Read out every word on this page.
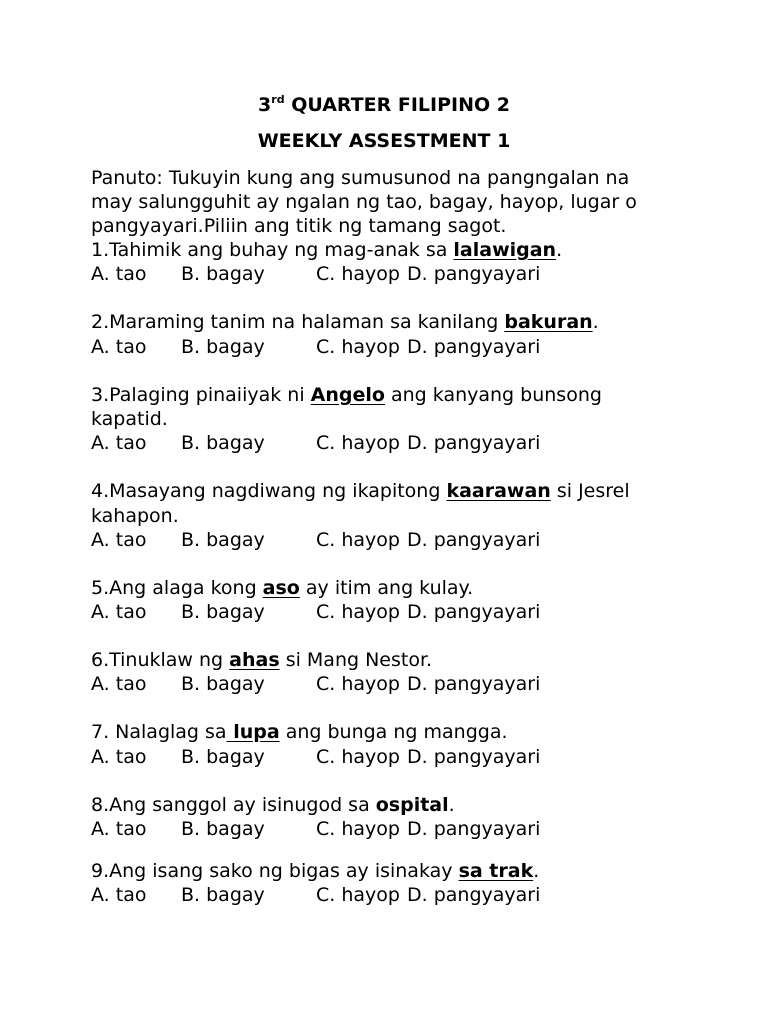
3rd QUARTER FILIPINO 2
WEEKLY ASSESTMENT 1
Panuto: Tukuyin kung ang sumusunod na pangngalan na
may salungguhit ay ngalan ng tao, bagay, hayop, lugar o
pangyayari.Piliin ang titik ng tamang sagot.
1.Tahimik ang buhay ng mag-anak sa lalawigan.
A. tao B. bagay	C. hayop D. pangyayari
2.Maraming tanim na halaman sa kanilang bakuran.
A. tao B. bagay	C. hayop D. pangyayari
3.Palaging pinaiiyak ni Angelo ang kanyang bunsong
kapatid.
A. tao B. bagay	C. hayop D. pangyayari
4.Masayang nagdiwang ng ikapitong kaarawan si Jesrel
kahapon.
A. tao B. bagay	C. hayop D. pangyayari
5.Ang alaga kong aso ay itim ang kulay.
A. tao B. bagay	C. hayop D. pangyayari
6.Tinuklaw ng ahas si Mang Nestor.
A. tao B. bagay	C. hayop D. pangyayari
7. Nalaglag sa lupa ang bunga ng mangga.
A. tao B. bagay	C. hayop D. pangyayari
8.Ang sanggol ay isinugod sa ospital.
A. tao B. bagay	C. hayop D. pangyayari
9.Ang isang sako ng bigas ay isinakay sa trak.
A. tao B. bagay	C. hayop D. pangyayari
